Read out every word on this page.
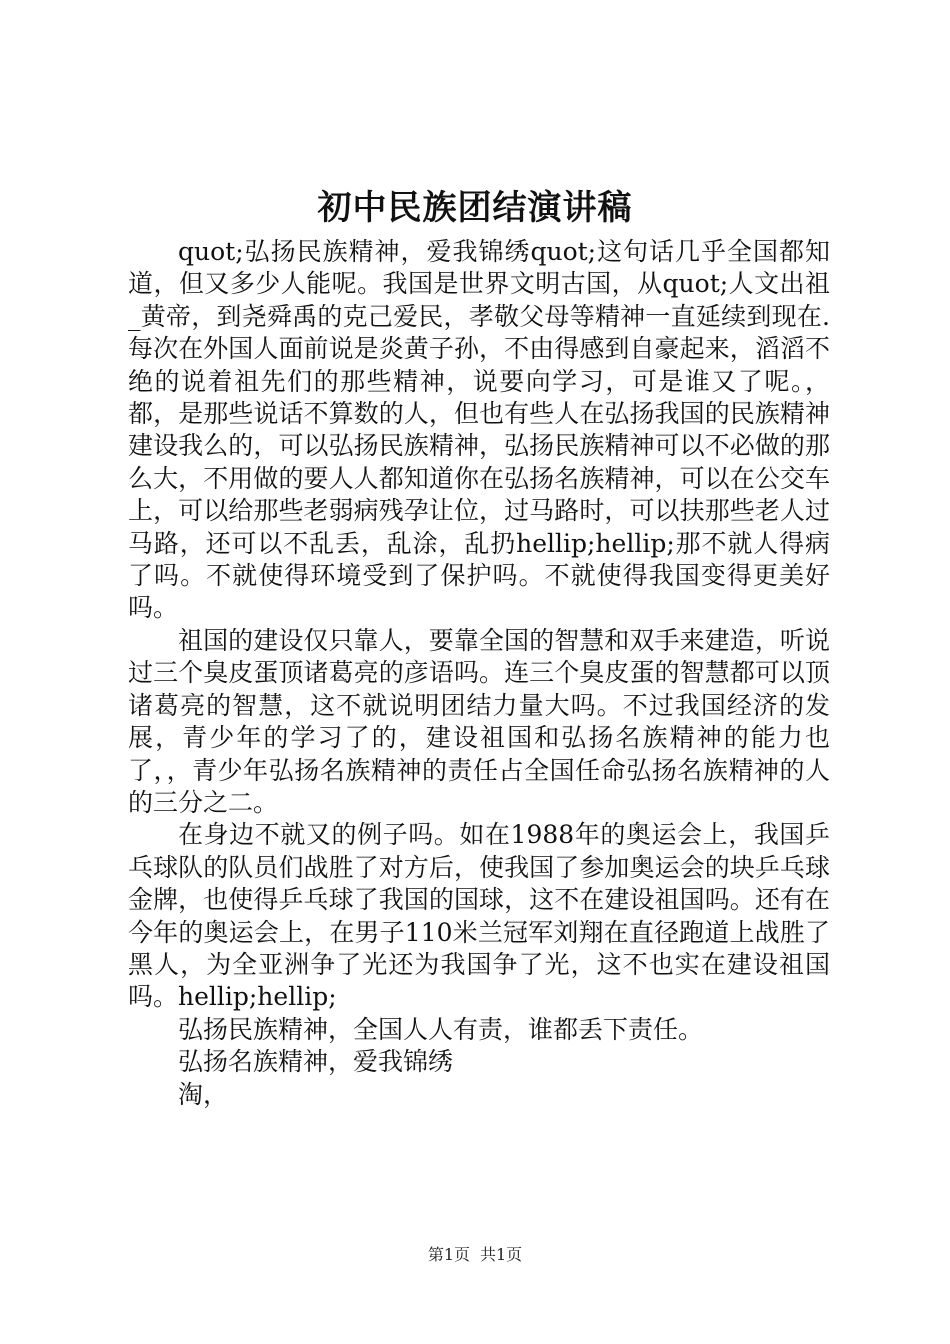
初中民族团结演讲稿

quot;弘扬民族精神，爱我锦绣quot;这句话几乎全国都知道，但又多少人能呢。我国是世界文明古国，从quot;人文出祖_黄帝，到尧舜禹的克己爱民，孝敬父母等精神一直延续到现在.每次在外国人面前说是炎黄子孙，不由得感到自豪起来，滔滔不绝的说着祖先们的那些精神，说要向学习，可是谁又了呢。，都，是那些说话不算数的人，但也有些人在弘扬我国的民族精神建设我么的，可以弘扬民族精神，弘扬民族精神可以不必做的那么大，不用做的要人人都知道你在弘扬名族精神，可以在公交车上，可以给那些老弱病残孕让位，过马路时，可以扶那些老人过马路，还可以不乱丢，乱涂，乱扔hellip;hellip;那不就人得病了吗。不就使得环境受到了保护吗。不就使得我国变得更美好吗。

祖国的建设仅只靠人，要靠全国的智慧和双手来建造，听说过三个臭皮蛋顶诸葛亮的彦语吗。连三个臭皮蛋的智慧都可以顶诸葛亮的智慧，这不就说明团结力量大吗。不过我国经济的发展，青少年的学习了的，建设祖国和弘扬名族精神的能力也了，，青少年弘扬名族精神的责任占全国任命弘扬名族精神的人的三分之二。

在身边不就又的例子吗。如在1988年的奥运会上，我国乒乓球队的队员们战胜了对方后，使我国了参加奥运会的块乒乓球金牌，也使得乒乓球了我国的国球，这不在建设祖国吗。还有在今年的奥运会上，在男子110米兰冠军刘翔在直径跑道上战胜了黑人，为全亚洲争了光还为我国争了光，这不也实在建设祖国吗。hellip;hellip;

弘扬民族精神，全国人人有责，谁都丢下责任。

弘扬名族精神，爱我锦绣

淘，

第1页 共1页
